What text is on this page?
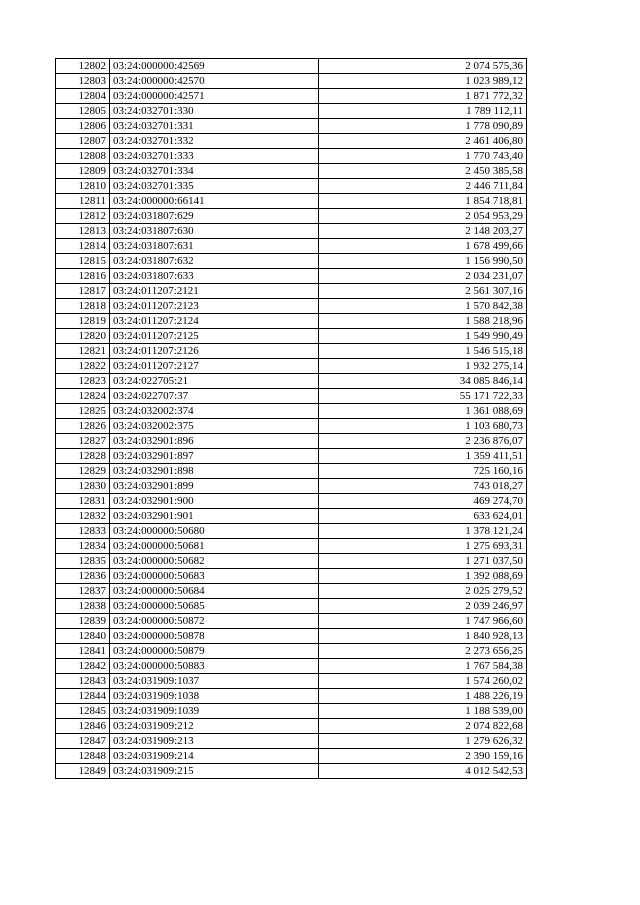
12802	03:24:000000:42569	2 074 575,36
12803	03:24:000000:42570	1 023 989,12
12804	03:24:000000:42571	1 871 772,32
12805	03:24:032701:330	1 789 112,11
12806	03:24:032701:331	1 778 090,89
12807	03:24:032701:332	2 461 406,80
12808	03:24:032701:333	1 770 743,40
12809	03:24:032701:334	2 450 385,58
12810	03:24:032701:335	2 446 711,84
12811	03:24:000000:66141	1 854 718,81
12812	03:24:031807:629	2 054 953,29
12813	03:24:031807:630	2 148 203,27
12814	03:24:031807:631	1 678 499,66
12815	03:24:031807:632	1 156 990,50
12816	03:24:031807:633	2 034 231,07
12817	03:24:011207:2121	2 561 307,16
12818	03:24:011207:2123	1 570 842,38
12819	03:24:011207:2124	1 588 218,96
12820	03:24:011207:2125	1 549 990,49
12821	03:24:011207:2126	1 546 515,18
12822	03:24:011207:2127	1 932 275,14
12823	03:24:022705:21	34 085 846,14
12824	03:24:022707:37	55 171 722,33
12825	03:24:032002:374	1 361 088,69
12826	03:24:032002:375	1 103 680,73
12827	03:24:032901:896	2 236 876,07
12828	03:24:032901:897	1 359 411,51
12829	03:24:032901:898	725 160,16
12830	03:24:032901:899	743 018,27
12831	03:24:032901:900	469 274,70
12832	03:24:032901:901	633 624,01
12833	03:24:000000:50680	1 378 121,24
12834	03:24:000000:50681	1 275 693,31
12835	03:24:000000:50682	1 271 037,50
12836	03:24:000000:50683	1 392 088,69
12837	03:24:000000:50684	2 025 279,52
12838	03:24:000000:50685	2 039 246,97
12839	03:24:000000:50872	1 747 966,60
12840	03:24:000000:50878	1 840 928,13
12841	03:24:000000:50879	2 273 656,25
12842	03:24:000000:50883	1 767 584,38
12843	03:24:031909:1037	1 574 260,02
12844	03:24:031909:1038	1 488 226,19
12845	03:24:031909:1039	1 188 539,00
12846	03:24:031909:212	2 074 822,68
12847	03:24:031909:213	1 279 626,32
12848	03:24:031909:214	2 390 159,16
12849	03:24:031909:215	4 012 542,53
